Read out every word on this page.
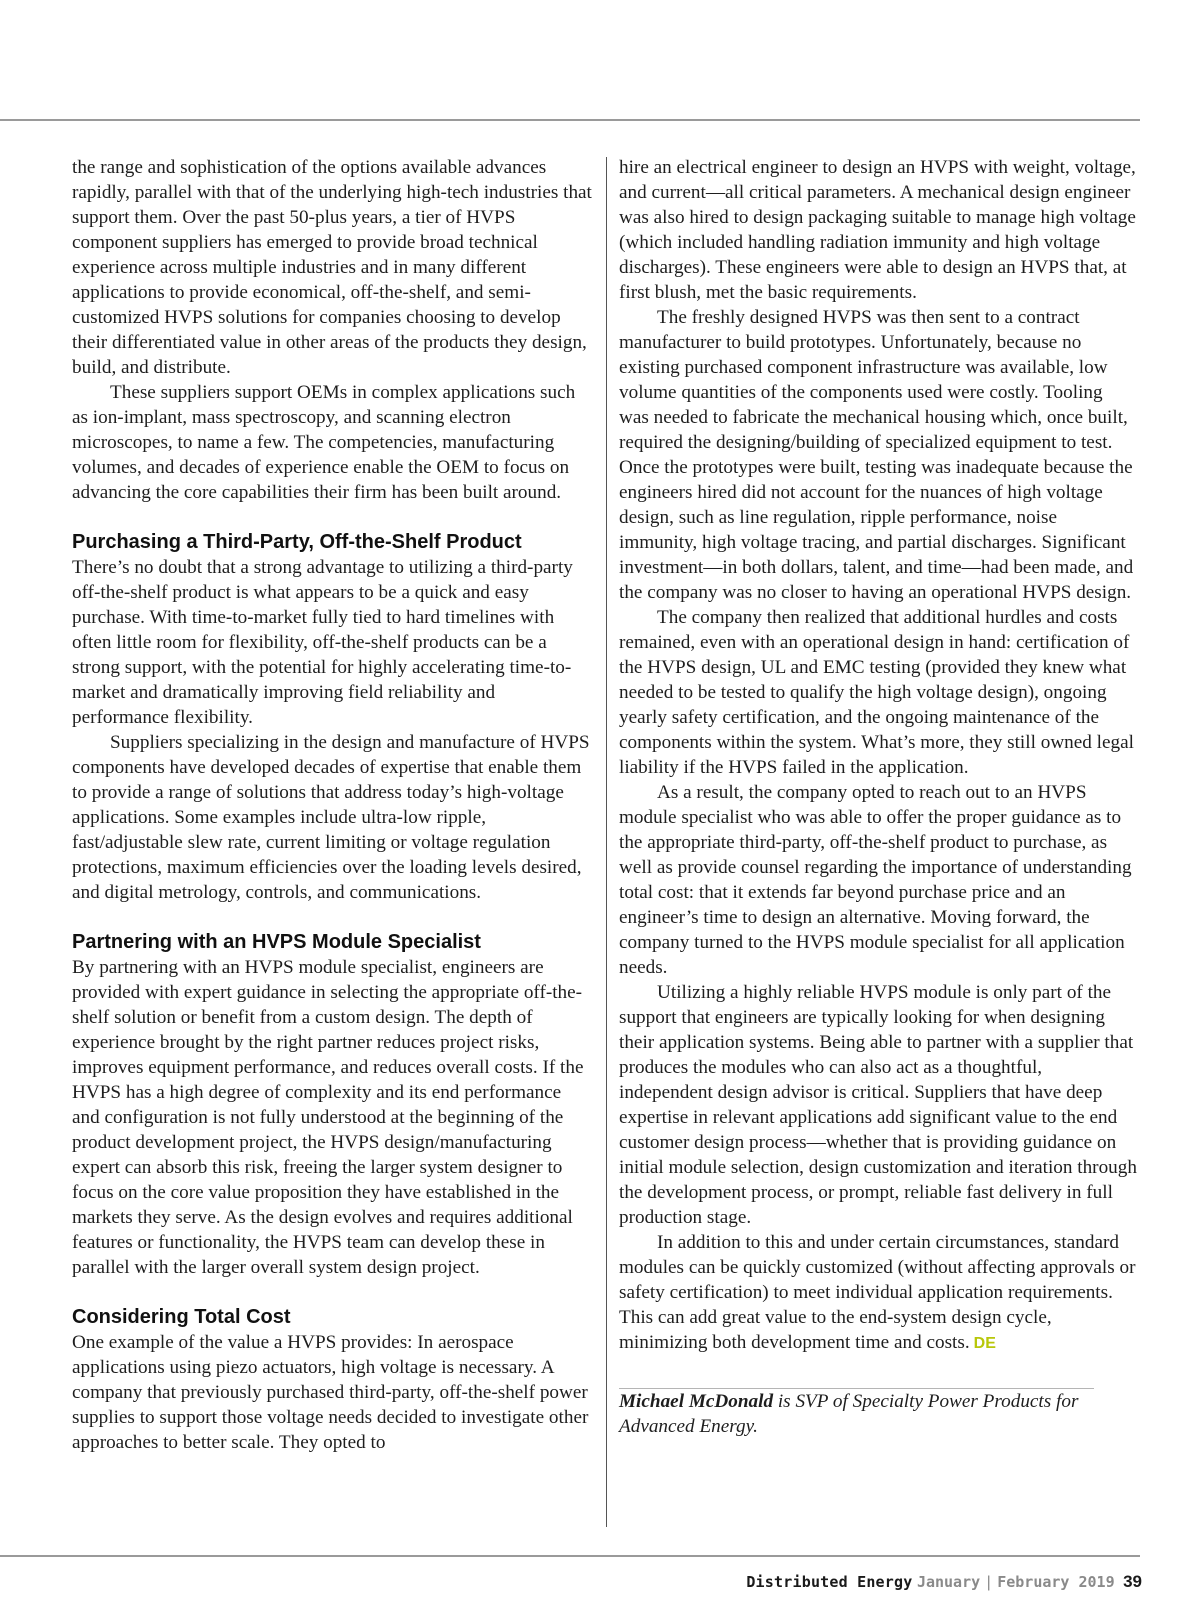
the range and sophistication of the options available advances rapidly, parallel with that of the underlying high-tech industries that support them. Over the past 50-plus years, a tier of HVPS component suppliers has emerged to provide broad technical experience across multiple industries and in many different applications to provide economical, off-the-shelf, and semi-customized HVPS solutions for companies choosing to develop their differentiated value in other areas of the products they design, build, and distribute.

These suppliers support OEMs in complex applications such as ion-implant, mass spectroscopy, and scanning electron microscopes, to name a few. The competencies, manufacturing volumes, and decades of experience enable the OEM to focus on advancing the core capabilities their firm has been built around.

Purchasing a Third-Party, Off-the-Shelf Product

There’s no doubt that a strong advantage to utilizing a third-party off-the-shelf product is what appears to be a quick and easy purchase. With time-to-market fully tied to hard timelines with often little room for flexibility, off-the-shelf products can be a strong support, with the potential for highly accelerating time-to-market and dramatically improving field reliability and performance flexibility.

Suppliers specializing in the design and manufacture of HVPS components have developed decades of expertise that enable them to provide a range of solutions that address today’s high-voltage applications. Some examples include ultra-low ripple, fast/adjustable slew rate, current limiting or voltage regulation protections, maximum efficiencies over the loading levels desired, and digital metrology, controls, and communications.

Partnering with an HVPS Module Specialist

By partnering with an HVPS module specialist, engineers are provided with expert guidance in selecting the appropriate off-the-shelf solution or benefit from a custom design. The depth of experience brought by the right partner reduces project risks, improves equipment performance, and reduces overall costs. If the HVPS has a high degree of complexity and its end performance and configuration is not fully understood at the beginning of the product development project, the HVPS design/manufacturing expert can absorb this risk, freeing the larger system designer to focus on the core value proposition they have established in the markets they serve. As the design evolves and requires additional features or functionality, the HVPS team can develop these in parallel with the larger overall system design project.

Considering Total Cost

One example of the value a HVPS provides: In aerospace applications using piezo actuators, high voltage is necessary. A company that previously purchased third-party, off-the-shelf power supplies to support those voltage needs decided to investigate other approaches to better scale. They opted to

hire an electrical engineer to design an HVPS with weight, voltage, and current—all critical parameters. A mechanical design engineer was also hired to design packaging suitable to manage high voltage (which included handling radiation immunity and high voltage discharges). These engineers were able to design an HVPS that, at first blush, met the basic requirements.

The freshly designed HVPS was then sent to a contract manufacturer to build prototypes. Unfortunately, because no existing purchased component infrastructure was available, low volume quantities of the components used were costly. Tooling was needed to fabricate the mechanical housing which, once built, required the designing/building of specialized equipment to test. Once the prototypes were built, testing was inadequate because the engineers hired did not account for the nuances of high voltage design, such as line regulation, ripple performance, noise immunity, high voltage tracing, and partial discharges. Significant investment—in both dollars, talent, and time—had been made, and the company was no closer to having an operational HVPS design.

The company then realized that additional hurdles and costs remained, even with an operational design in hand: certification of the HVPS design, UL and EMC testing (provided they knew what needed to be tested to qualify the high voltage design), ongoing yearly safety certification, and the ongoing maintenance of the components within the system. What’s more, they still owned legal liability if the HVPS failed in the application.

As a result, the company opted to reach out to an HVPS module specialist who was able to offer the proper guidance as to the appropriate third-party, off-the-shelf product to purchase, as well as provide counsel regarding the importance of understanding total cost: that it extends far beyond purchase price and an engineer’s time to design an alternative. Moving forward, the company turned to the HVPS module specialist for all application needs.

Utilizing a highly reliable HVPS module is only part of the support that engineers are typically looking for when designing their application systems. Being able to partner with a supplier that produces the modules who can also act as a thoughtful, independent design advisor is critical. Suppliers that have deep expertise in relevant applications add significant value to the end customer design process—whether that is providing guidance on initial module selection, design customization and iteration through the development process, or prompt, reliable fast delivery in full production stage.

In addition to this and under certain circumstances, standard modules can be quickly customized (without affecting approvals or safety certification) to meet individual application requirements. This can add great value to the end-system design cycle, minimizing both development time and costs. DE

Michael McDonald is SVP of Specialty Power Products for Advanced Energy.

Distributed Energy January | February 2019 39
